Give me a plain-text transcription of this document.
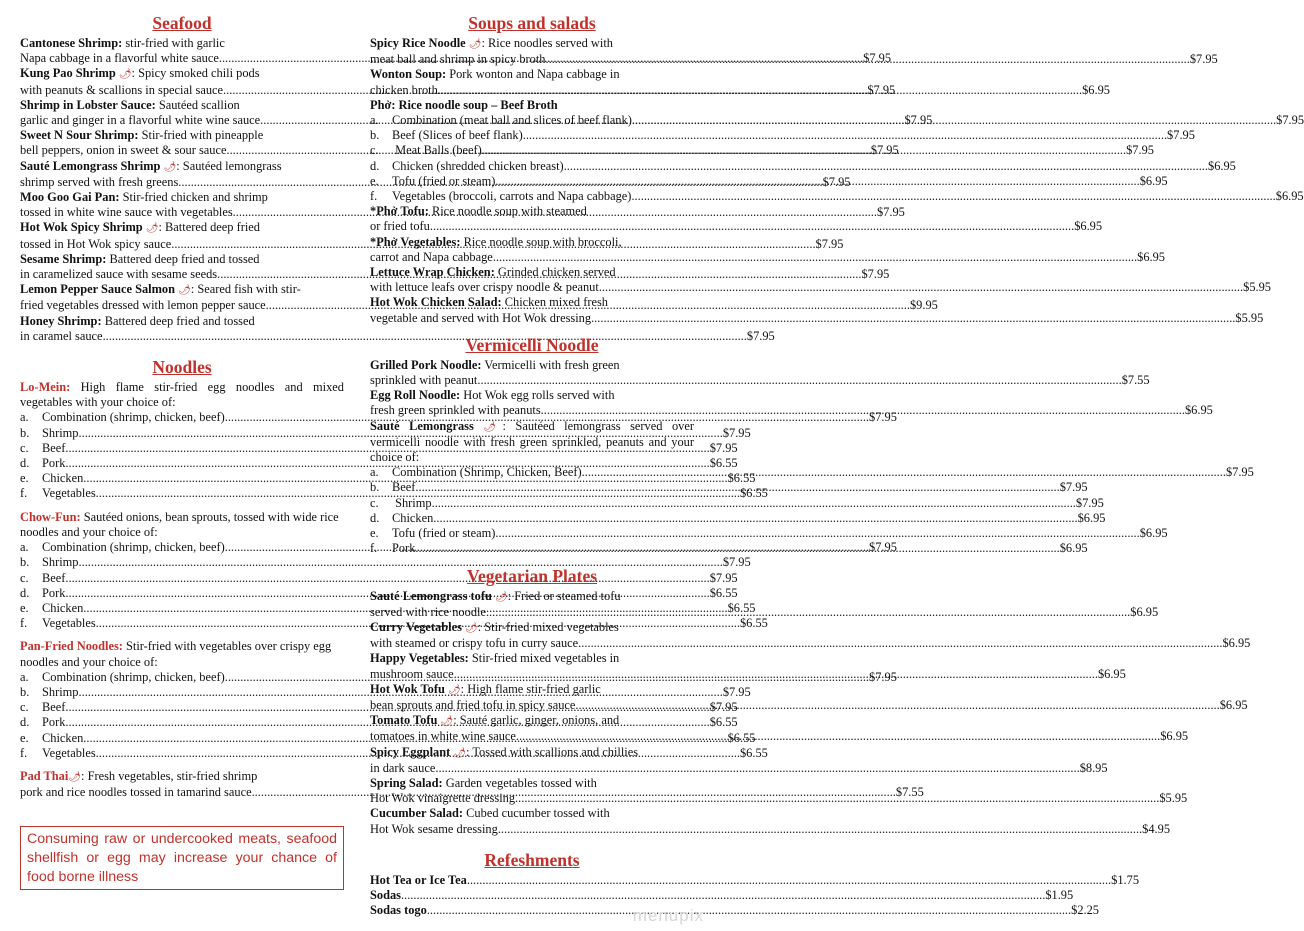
Seafood
Cantonese Shrimp: stir-fried with garlic
Napa cabbage in a flavorful white sauce .....	$7.95
Kung Pao Shrimp 🌶: Spicy smoked chili pods
with peanuts & scallions in special sauce .....	$7.95
Shrimp in Lobster Sauce: Sautéed scallion
garlic and ginger in a flavorful white wine sauce .....	$7.95
Sweet N Sour Shrimp: Stir-fried with pineapple
bell peppers, onion in sweet & sour sauce .....	$7.95
Sauté Lemongrass Shrimp 🌶: Sautéed lemongrass
shrimp served with fresh greens .....	$7.95
Moo Goo Gai Pan: Stir-fried chicken and shrimp
tossed in white wine sauce with vegetables .....	$7.95
Hot Wok Spicy Shrimp 🌶: Battered deep fried
tossed in Hot Wok spicy sauce .....	$7.95
Sesame Shrimp: Battered deep fried and tossed
in caramelized sauce with sesame seeds .....	$7.95
Lemon Pepper Sauce Salmon 🌶: Seared fish with stir-
fried vegetables dressed with lemon pepper sauce .....	$9.95
Honey Shrimp: Battered deep fried and tossed
in caramel sauce .....	$7.95
Noodles
Lo-Mein: High flame stir-fried egg noodles and mixed vegetables with your choice of:
a. Combination (shrimp, chicken, beef) .....	$7.95
b. Shrimp .....	$7.95
c. Beef .....	$7.95
d. Pork .....	$6.55
e. Chicken .....	$6.55
f. Vegetables .....	$6.55
Chow-Fun: Sautéed onions, bean sprouts, tossed with wide rice noodles and your choice of:
a. Combination (shrimp, chicken, beef) .....	$7.95
b. Shrimp .....	$7.95
c. Beef .....	$7.95
d. Pork .....	$6.55
e. Chicken .....	$6.55
f. Vegetables .....	$6.55
Pan-Fried Noodles: Stir-fried with vegetables over crispy egg noodles and your choice of:
a. Combination (shrimp, chicken, beef) .....	$7.95
b. Shrimp .....	$7.95
c. Beef .....	$7.95
d. Pork .....	$6.55
e. Chicken .....	$6.55
f. Vegetables .....	$6.55
Pad Thai🌶: Fresh vegetables, stir-fried shrimp
pork and rice noodles tossed in tamarind sauce .....	$7.55
Consuming raw or undercooked meats, seafood shellfish or egg may increase your chance of food borne illness
Soups and salads
Spicy Rice Noodle 🌶: Rice noodles served with
meat ball and shrimp in spicy broth .....	$7.95
Wonton Soup: Pork wonton and Napa cabbage in
chicken broth .....	$6.95
Phở: Rice noodle soup – Beef Broth
a. Combination (meat ball and slices of beef flank) .....	$7.95
b. Beef (Slices of beef flank) .....	$7.95
c. Meat Balls (beef) .....	$7.95
d. Chicken (shredded chicken breast) .....	$6.95
e. Tofu (fried or steam) .....	$6.95
f. Vegetables (broccoli, carrots and Napa cabbage) .....	$6.95
*Phở Tofu: Rice noodle soup with steamed
or fried tofu .....	$6.95
*Phở Vegetables: Rice noodle soup with broccoli,
carrot and Napa cabbage .....	$6.95
Lettuce Wrap Chicken: Grinded chicken served
with lettuce leafs over crispy noodle & peanut .....	$5.95
Hot Wok Chicken Salad: Chicken mixed fresh
vegetable and served with Hot Wok dressing .....	$5.95
Vermicelli Noodle
Grilled Pork Noodle: Vermicelli with fresh green
sprinkled with peanut .....	$7.55
Egg Roll Noodle: Hot Wok egg rolls served with
fresh green sprinkled with peanuts .....	$6.95
Sauté Lemongrass 🌶: Sautéed lemongrass served over vermicelli noodle with fresh green sprinkled, peanuts and your choice of:
a. Combination (Shrimp, Chicken, Beef) .....	$7.95
b. Beef .....	$7.95
c. Shrimp .....	$7.95
d. Chicken .....	$6.95
e. Tofu (fried or steam) .....	$6.95
f. Pork .....	$6.95
Vegetarian Plates
Sauté Lemongrass tofu 🌶: Fried or steamed tofu
served with rice noodle .....	$6.95
Curry Vegetables 🌶: Stir-fried mixed vegetables
with steamed or crispy tofu in curry sauce .....	$6.95
Happy Vegetables: Stir-fried mixed vegetables in
mushroom sauce .....	$6.95
Hot Wok Tofu 🌶: High flame stir-fried garlic
bean sprouts and fried tofu in spicy sauce .....	$6.95
Tomato Tofu 🌶: Sauté garlic, ginger, onions, and
tomatoes in white wine sauce .....	$6.95
Spicy Eggplant 🌶: Tossed with scallions and chillies
in dark sauce .....	$8.95
Spring Salad: Garden vegetables tossed with
Hot Wok vinaigrette dressing .....	$5.95
Cucumber Salad: Cubed cucumber tossed with
Hot Wok sesame dressing .....	$4.95
Refeshments
Hot Tea or Ice Tea .....	$1.75
Sodas .....	$1.95
Sodas togo .....	$2.25
menupix
